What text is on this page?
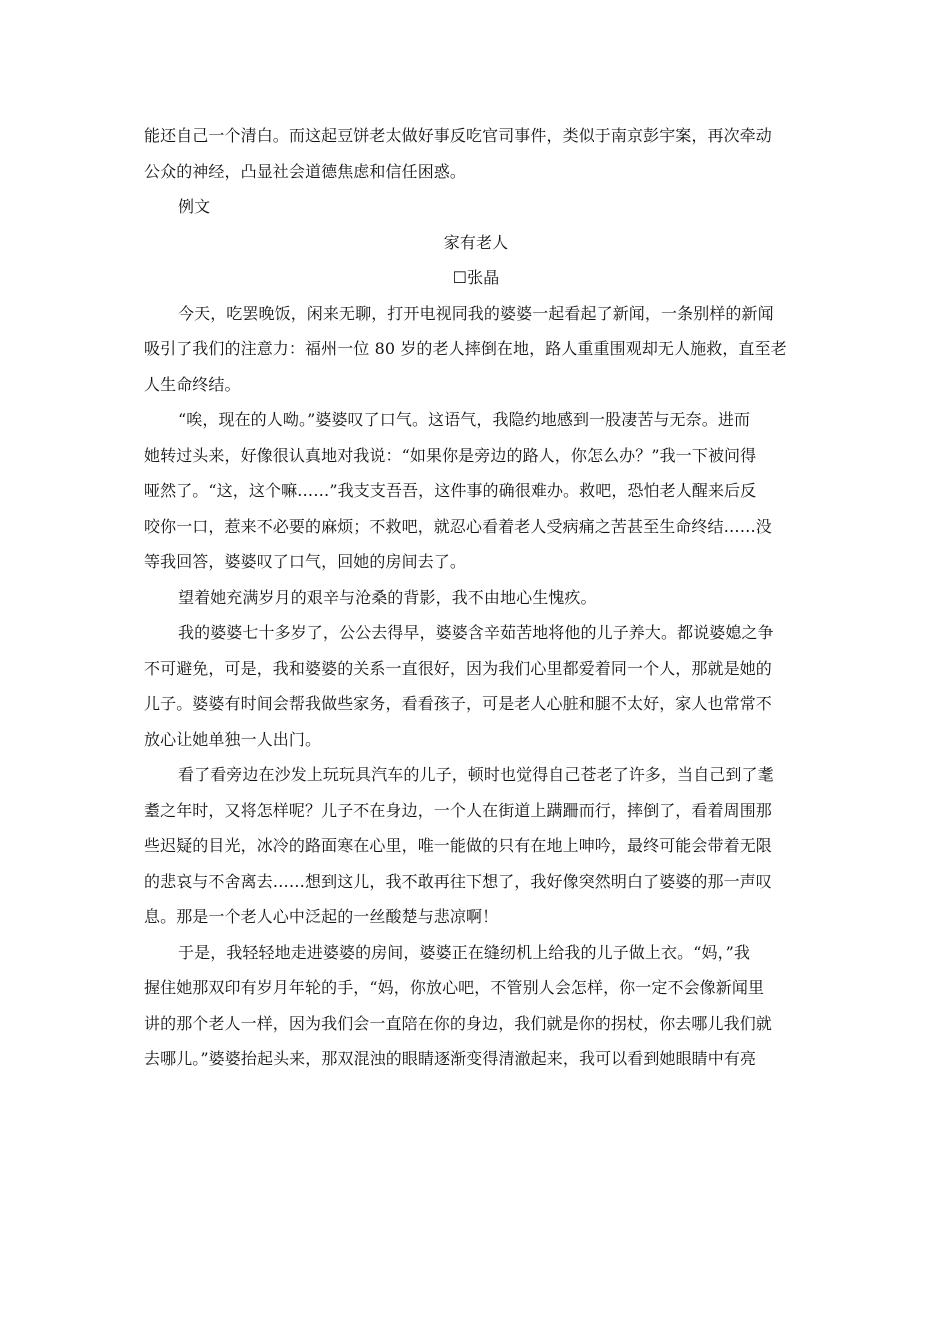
能还自己一个清白。而这起豆饼老太做好事反吃官司事件，类似于南京彭宇案，再次牵动
公众的神经，凸显社会道德焦虑和信任困惑。
例文
家有老人
☐张晶
今天，吃罢晚饭，闲来无聊，打开电视同我的婆婆一起看起了新闻，一条别样的新闻
吸引了我们的注意力：福州一位 80 岁的老人摔倒在地，路人重重围观却无人施救，直至老
人生命终结。
“唉，现在的人呦。”婆婆叹了口气。这语气，我隐约地感到一股凄苦与无奈。进而
她转过头来，好像很认真地对我说：“如果你是旁边的路人，你怎么办？”我一下被问得
哑然了。“这，这个嘛……”我支支吾吾，这件事的确很难办。救吧，恐怕老人醒来后反
咬你一口，惹来不必要的麻烦；不救吧，就忍心看着老人受病痛之苦甚至生命终结……没
等我回答，婆婆叹了口气，回她的房间去了。
望着她充满岁月的艰辛与沧桑的背影，我不由地心生愧疚。
我的婆婆七十多岁了，公公去得早，婆婆含辛茹苦地将他的儿子养大。都说婆媳之争
不可避免，可是，我和婆婆的关系一直很好，因为我们心里都爱着同一个人，那就是她的
儿子。婆婆有时间会帮我做些家务，看看孩子，可是老人心脏和腿不太好，家人也常常不
放心让她单独一人出门。
看了看旁边在沙发上玩玩具汽车的儿子，顿时也觉得自己苍老了许多，当自己到了耄
耋之年时，又将怎样呢？儿子不在身边，一个人在街道上蹒跚而行，摔倒了，看着周围那
些迟疑的目光，冰冷的路面寒在心里，唯一能做的只有在地上呻吟，最终可能会带着无限
的悲哀与不舍离去……想到这儿，我不敢再往下想了，我好像突然明白了婆婆的那一声叹
息。那是一个老人心中泛起的一丝酸楚与悲凉啊！
于是，我轻轻地走进婆婆的房间，婆婆正在缝纫机上给我的儿子做上衣。“妈，”我
握住她那双印有岁月年轮的手，“妈，你放心吧，不管别人会怎样，你一定不会像新闻里
讲的那个老人一样，因为我们会一直陪在你的身边，我们就是你的拐杖，你去哪儿我们就
去哪儿。”婆婆抬起头来，那双混浊的眼睛逐渐变得清澈起来，我可以看到她眼睛中有亮
